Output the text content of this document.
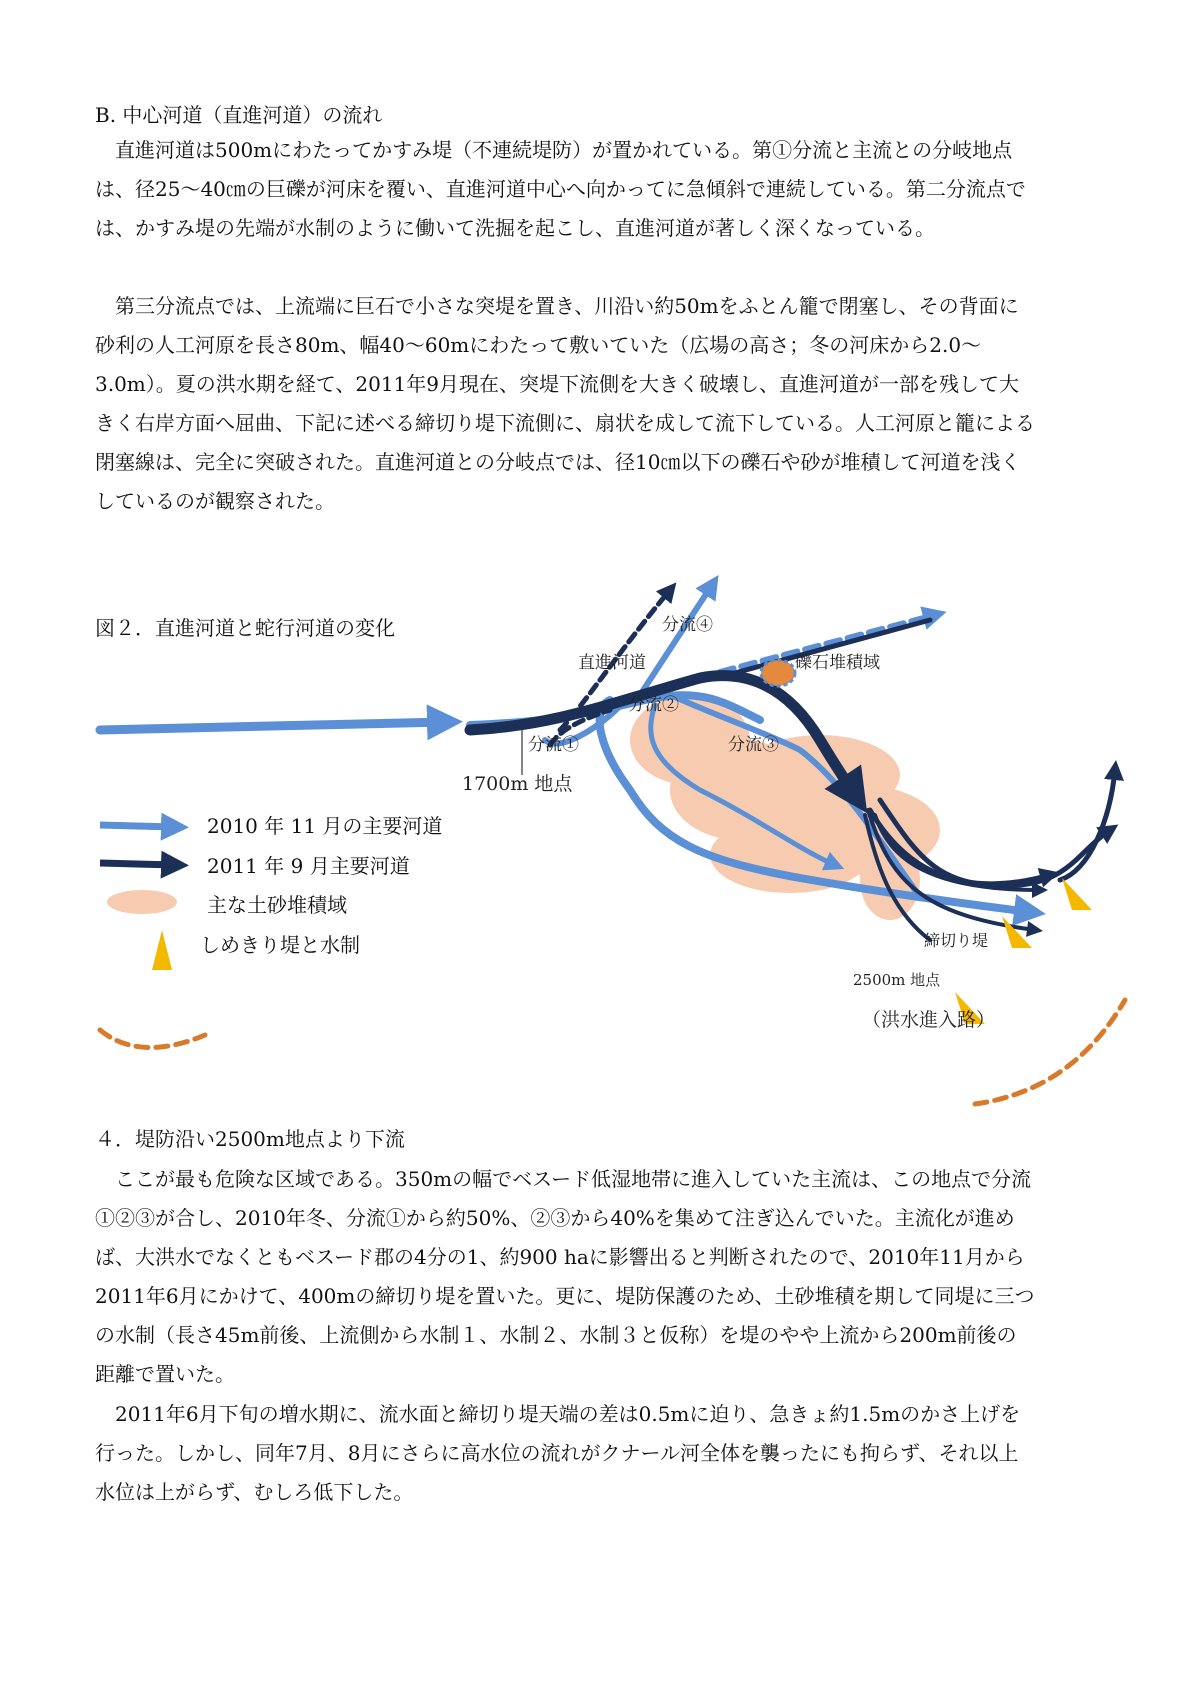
B. 中心河道（直進河道）の流れ

直進河道は500mにわたってかすみ堤（不連続堤防）が置かれている。第①分流と主流との分岐地点は、径25～40㎝の巨礫が河床を覆い、直進河道中心へ向かってに急傾斜で連続している。第二分流点では、かすみ堤の先端が水制のように働いて洗掘を起こし、直進河道が著しく深くなっている。

第三分流点では、上流端に巨石で小さな突堤を置き、川沿い約50mをふとん籠で閉塞し、その背面に砂利の人工河原を長さ80m、幅40～60mにわたって敷いていた（広場の高さ；冬の河床から2.0～3.0m）。夏の洪水期を経て、2011年9月現在、突堤下流側を大きく破壊し、直進河道が一部を残して大きく右岸方面へ屈曲、下記に述べる締切り堤下流側に、扇状を成して流下している。人工河原と籠による閉塞線は、完全に突破された。直進河道との分岐点では、径10㎝以下の礫石や砂が堆積して河道を浅くしているのが観察された。

図２．直進河道と蛇行河道の変化	分流④
直進河道	礫石堆積域
分流②
分流①	分流③
1700m 地点
締切り堤
2500m 地点
（洪水進入路）
2010 年 11 月の主要河道
2011 年 9 月主要河道
主な土砂堆積域
しめきり堤と水制
４．堤防沿い2500m地点より下流

ここが最も危険な区域である。350mの幅でベスード低湿地帯に進入していた主流は、この地点で分流①②③が合し、2010年冬、分流①から約50%、②③から40%を集めて注ぎ込んでいた。主流化が進めば、大洪水でなくともベスード郡の4分の1、約900 haに影響出ると判断されたので、2010年11月から2011年6月にかけて、400mの締切り堤を置いた。更に、堤防保護のため、土砂堆積を期して同堤に三つの水制（長さ45m前後、上流側から水制１、水制２、水制３と仮称）を堤のやや上流から200m前後の距離で置いた。

2011年6月下旬の増水期に、流水面と締切り堤天端の差は0.5mに迫り、急きょ約1.5mのかさ上げを行った。しかし、同年7月、8月にさらに高水位の流れがクナール河全体を襲ったにも拘らず、それ以上水位は上がらず、むしろ低下した。
